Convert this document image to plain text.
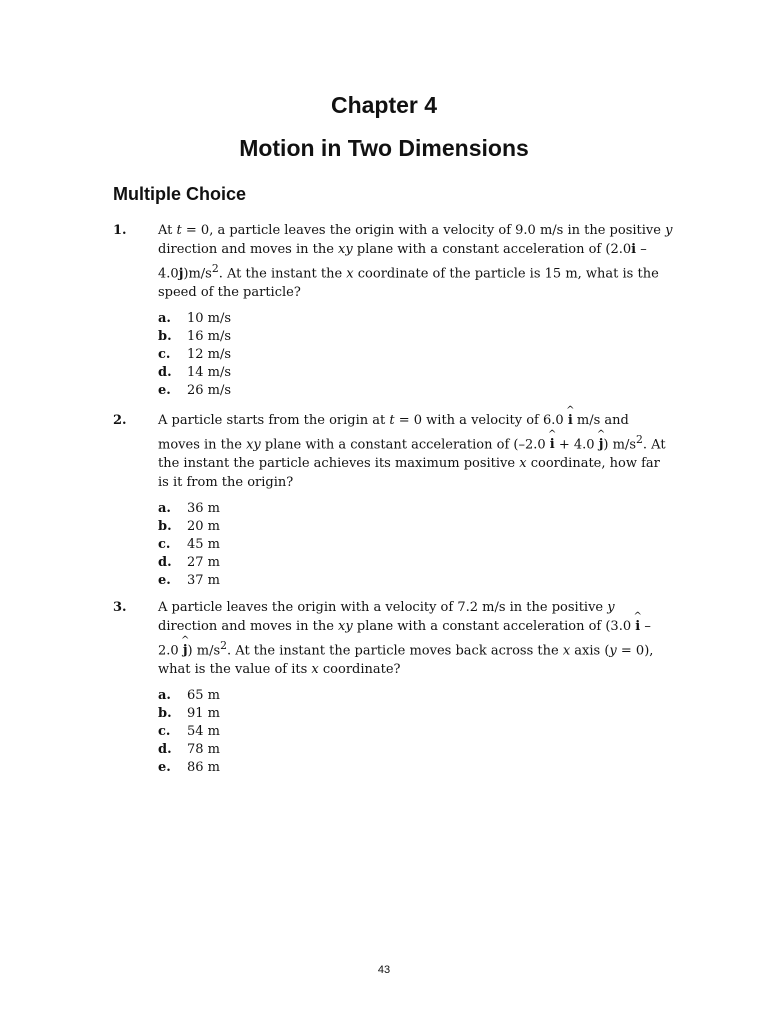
Chapter 4
Motion in Two Dimensions
Multiple Choice
1. At t = 0, a particle leaves the origin with a velocity of 9.0 m/s in the positive y direction and moves in the xy plane with a constant acceleration of $(2.0i - 4.0j)m/s^2$. At the instant the x coordinate of the particle is 15 m, what is the speed of the particle?
a.	10 m/s
b.	16 m/s
c.	12 m/s
d.	14 m/s
e.	26 m/s
2. A particle starts from the origin at t = 0 with a velocity of 6.0 i ^ m/s and moves in the xy plane with a constant acceleration of (–2.0 i ^ + 4.0 j ^) $m/s^2$. At the instant the particle achieves its maximum positive x coordinate, how far is it from the origin?
a.	36 m
b.	20 m
c.	45 m
d.	27 m
e.	37 m
3. A particle leaves the origin with a velocity of 7.2 m/s in the positive y direction and moves in the xy plane with a constant acceleration of (3.0 i ^ – 2.0 j ^) $m/s^2$. At the instant the particle moves back across the x axis (y = 0), what is the value of its x coordinate?
a.	65 m
b.	91 m
c.	54 m
d.	78 m
e.	86 m
43
